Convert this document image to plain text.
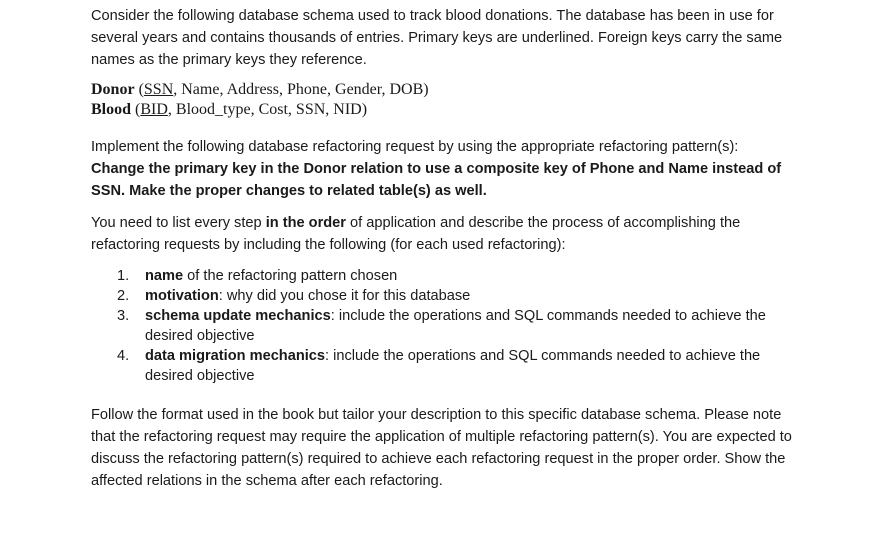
Consider the following database schema used to track blood donations. The database has been in use for several years and contains thousands of entries. Primary keys are underlined. Foreign keys carry the same names as the primary keys they reference.

Donor (SSN, Name, Address, Phone, Gender, DOB)
Blood (BID, Blood_type, Cost, SSN, NID)

Implement the following database refactoring request by using the appropriate refactoring pattern(s):

Change the primary key in the Donor relation to use a composite key of Phone and Name instead of SSN. Make the proper changes to related table(s) as well.

You need to list every step in the order of application and describe the process of accomplishing the refactoring requests by including the following (for each used refactoring):

1. name of the refactoring pattern chosen
2. motivation: why did you chose it for this database
3. schema update mechanics: include the operations and SQL commands needed to achieve the desired objective
4. data migration mechanics: include the operations and SQL commands needed to achieve the desired objective

Follow the format used in the book but tailor your description to this specific database schema. Please note that the refactoring request may require the application of multiple refactoring pattern(s). You are expected to discuss the refactoring pattern(s) required to achieve each refactoring request in the proper order. Show the affected relations in the schema after each refactoring.
